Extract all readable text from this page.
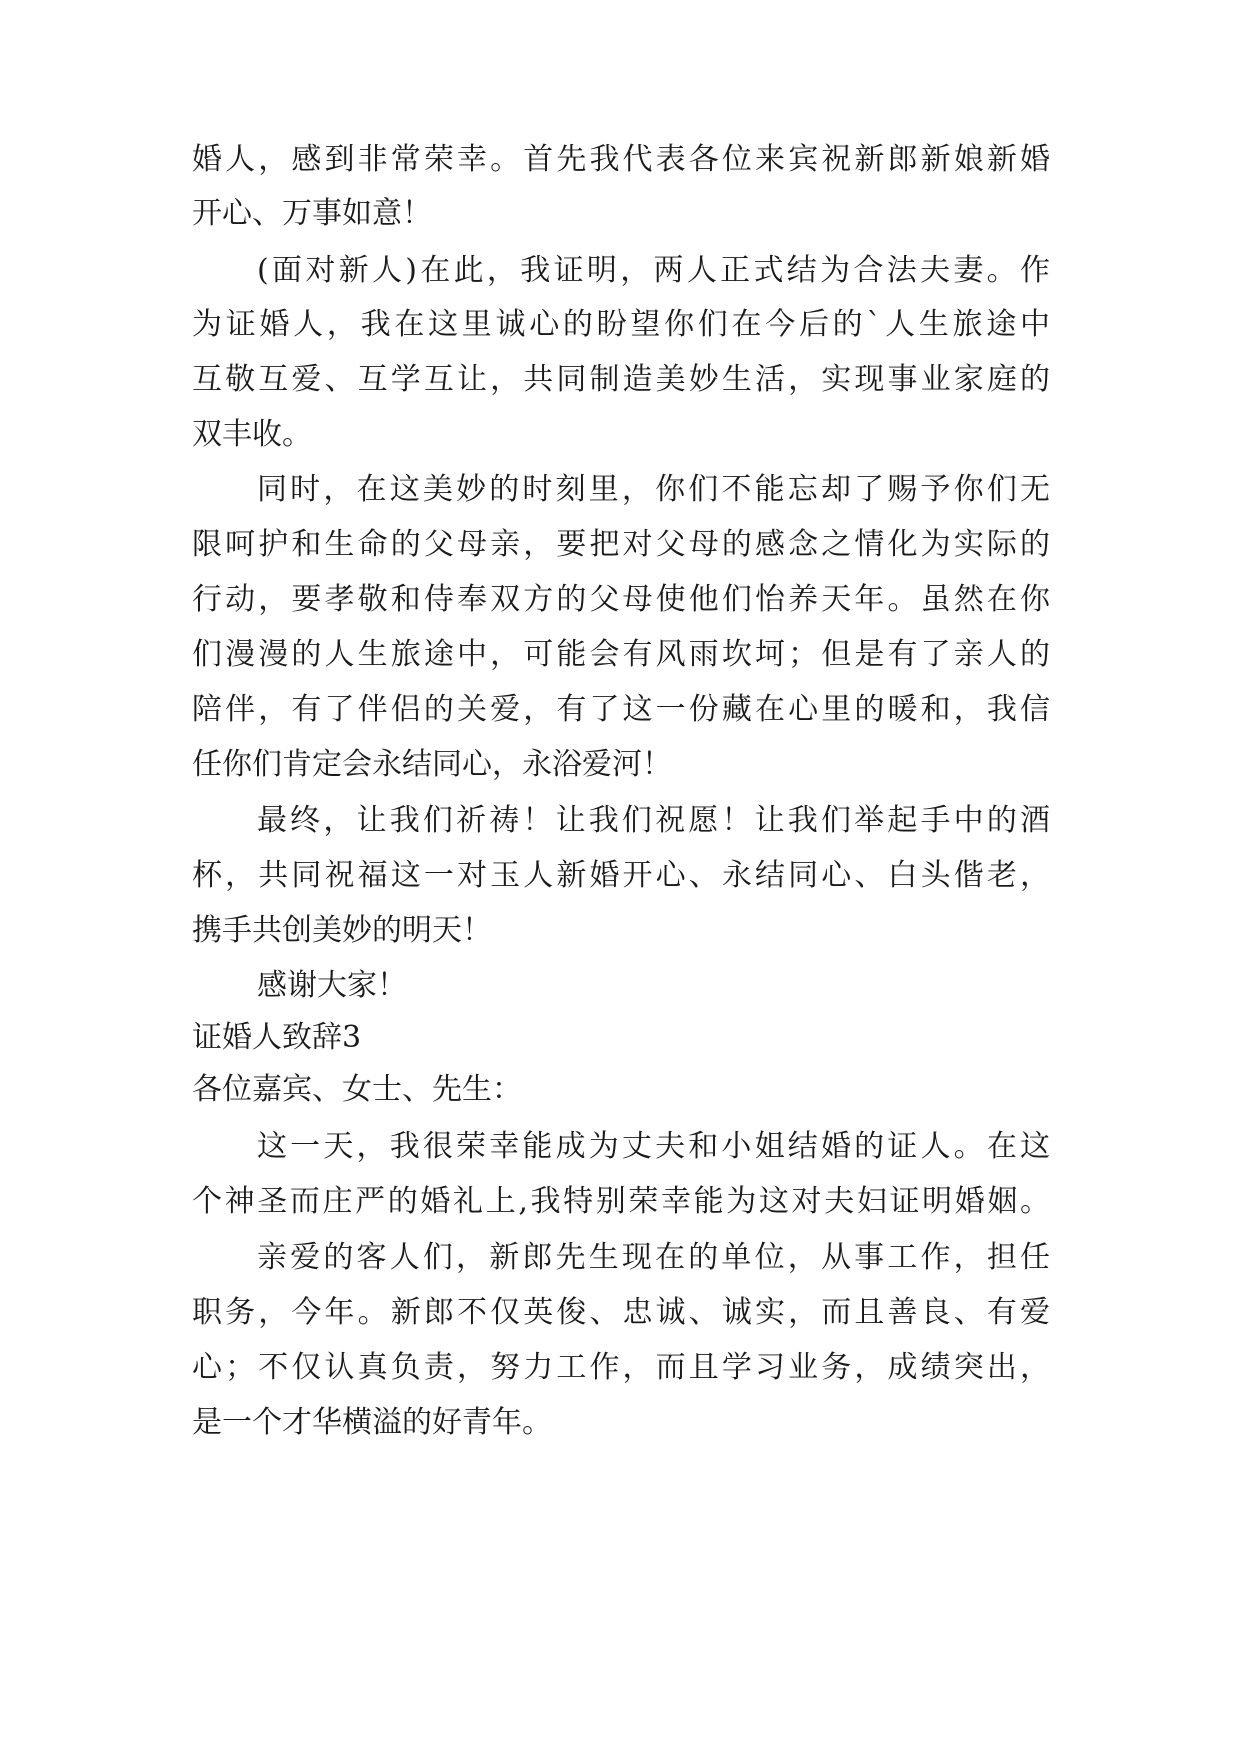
婚人，感到非常荣幸。首先我代表各位来宾祝新郎新娘新婚
开心、万事如意！
(面对新人)在此，我证明，两人正式结为合法夫妻。作
为证婚人，我在这里诚心的盼望你们在今后的`人生旅途中
互敬互爱、互学互让，共同制造美妙生活，实现事业家庭的
双丰收。
同时，在这美妙的时刻里，你们不能忘却了赐予你们无
限呵护和生命的父母亲，要把对父母的感念之情化为实际的
行动，要孝敬和侍奉双方的父母使他们怡养天年。虽然在你
们漫漫的人生旅途中，可能会有风雨坎坷；但是有了亲人的
陪伴，有了伴侣的关爱，有了这一份藏在心里的暖和，我信
任你们肯定会永结同心，永浴爱河！
最终，让我们祈祷！让我们祝愿！让我们举起手中的酒
杯，共同祝福这一对玉人新婚开心、永结同心、白头偕老，
携手共创美妙的明天！
感谢大家！
证婚人致辞3
各位嘉宾、女士、先生：
这一天，我很荣幸能成为丈夫和小姐结婚的证人。在这
个神圣而庄严的婚礼上,我特别荣幸能为这对夫妇证明婚姻。
亲爱的客人们，新郎先生现在的单位，从事工作，担任
职务，今年。新郎不仅英俊、忠诚、诚实，而且善良、有爱
心；不仅认真负责，努力工作，而且学习业务，成绩突出，
是一个才华横溢的好青年。
